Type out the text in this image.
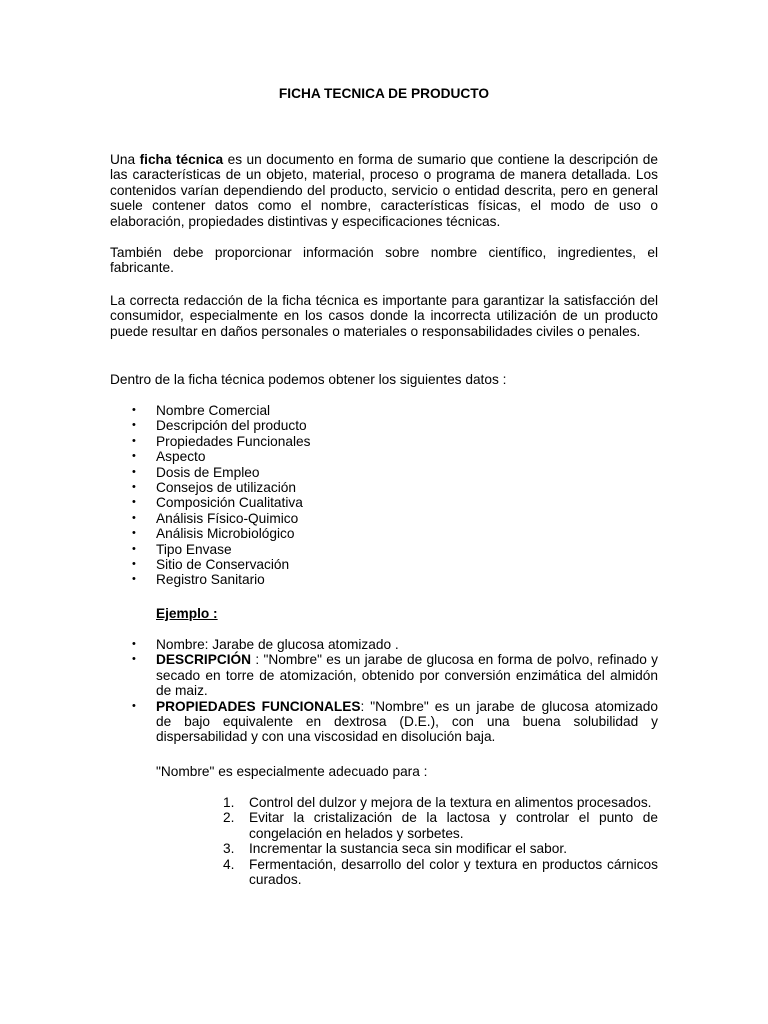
FICHA TECNICA DE PRODUCTO

Una ficha técnica es un documento en forma de sumario que contiene la descripción de las características de un objeto, material, proceso o programa de manera detallada. Los contenidos varían dependiendo del producto, servicio o entidad descrita, pero en general suele contener datos como el nombre, características físicas, el modo de uso o elaboración, propiedades distintivas y especificaciones técnicas.

También debe proporcionar información sobre nombre científico, ingredientes, el fabricante.

La correcta redacción de la ficha técnica es importante para garantizar la satisfacción del consumidor, especialmente en los casos donde la incorrecta utilización de un producto puede resultar en daños personales o materiales o responsabilidades civiles o penales.

Dentro de la ficha técnica podemos obtener los siguientes datos :

• Nombre Comercial
• Descripción del producto
• Propiedades Funcionales
• Aspecto
• Dosis de Empleo
• Consejos de utilización
• Composición Cualitativa
• Análisis Físico-Quimico
• Análisis Microbiológico
• Tipo Envase
• Sitio de Conservación
• Registro Sanitario
Ejemplo :
• Nombre: Jarabe de glucosa atomizado .
• DESCRIPCIÓN : "Nombre" es un jarabe de glucosa en forma de polvo, refinado y secado en torre de atomización, obtenido por conversión enzimática del almidón de maiz.
• PROPIEDADES FUNCIONALES: "Nombre" es un jarabe de glucosa atomizado de bajo equivalente en dextrosa (D.E.), con una buena solubilidad y dispersabilidad y con una viscosidad en disolución baja.
"Nombre" es especialmente adecuado para :
1. Control del dulzor y mejora de la textura en alimentos procesados.
2. Evitar la cristalización de la lactosa y controlar el punto de congelación en helados y sorbetes.
3. Incrementar la sustancia seca sin modificar el sabor.
4. Fermentación, desarrollo del color y textura en productos cárnicos curados.
